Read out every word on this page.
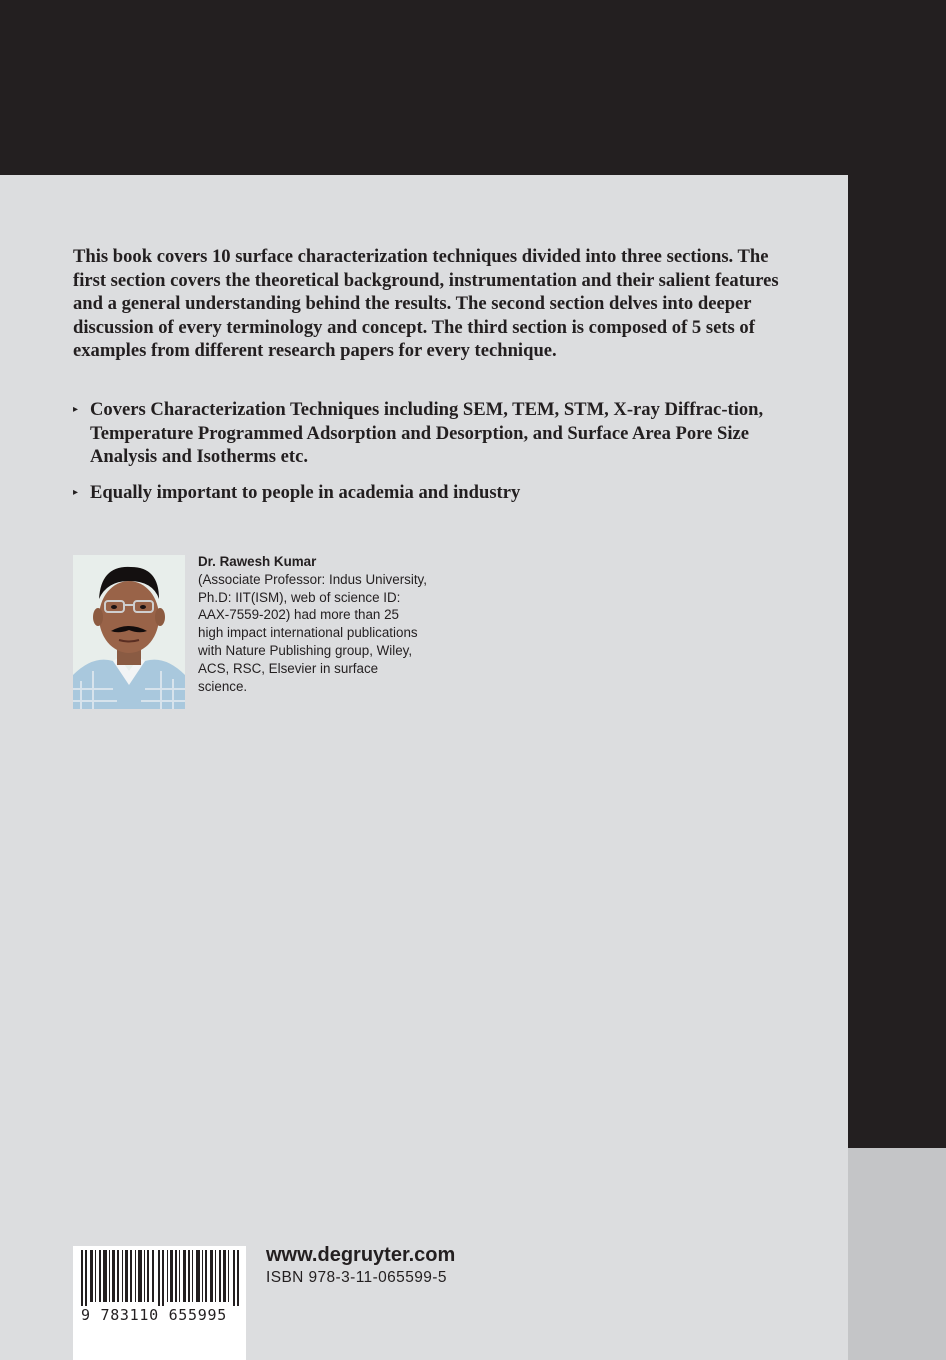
This book covers 10 surface characterization techniques divided into three sections. The first section covers the theoretical background, instrumentation and their salient features and a general understanding behind the results. The second section delves into deeper discussion of every terminology and concept. The third section is composed of 5 sets of examples from different research papers for every technique.

▸ Covers Characterization Techniques including SEM, TEM, STM, X-ray Diffrac-tion, Temperature Programmed Adsorption and Desorption, and Surface Area Pore Size Analysis and Isotherms etc.
▸ Equally important to people in academia and industry

Dr. Rawesh Kumar
(Associate Professor: Indus University, Ph.D: IIT(ISM), web of science ID: AAX-7559-202) had more than 25 high impact international publications with Nature Publishing group, Wiley, ACS, RSC, Elsevier in surface science.

9 783110 655995
www.degruyter.com
ISBN 978-3-11-065599-5
